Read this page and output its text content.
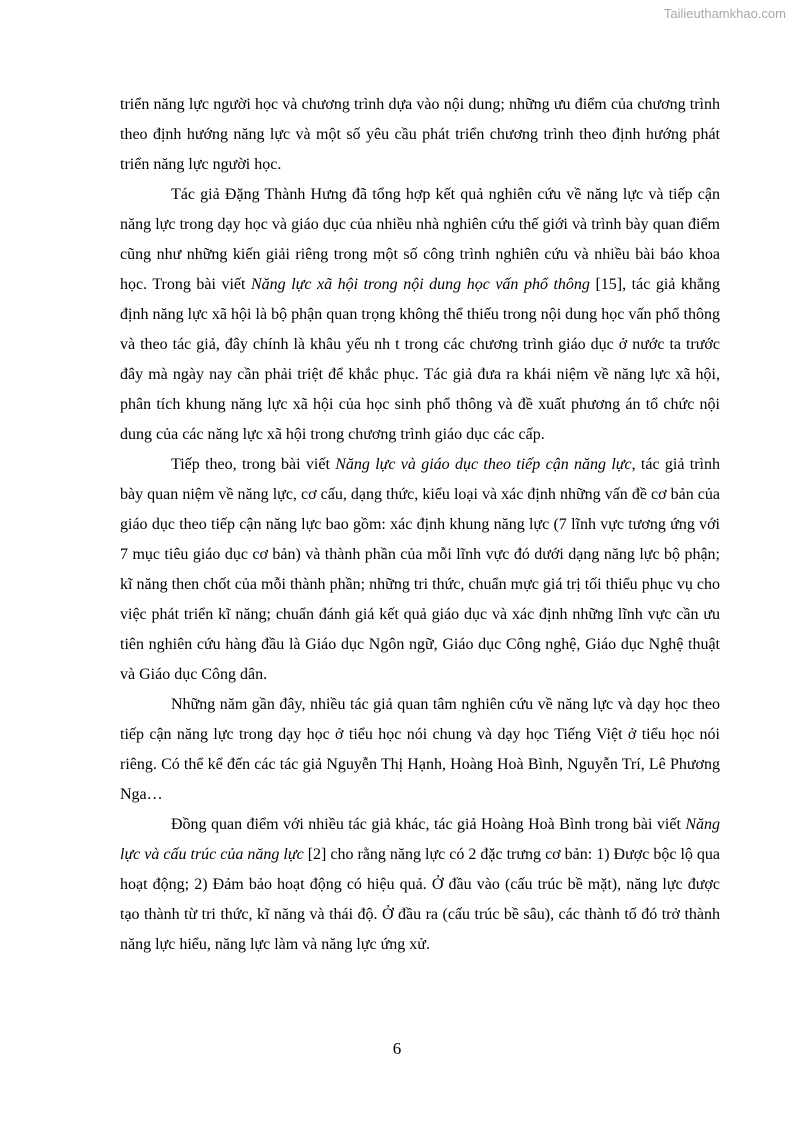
Tailieuthamkhao.com

triển năng lực người học và chương trình dựa vào nội dung; những ưu điểm của chương trình theo định hướng năng lực và một số yêu cầu phát triển chương trình theo định hướng phát triển năng lực người học.

Tác giả Đặng Thành Hưng đã tổng hợp kết quả nghiên cứu về năng lực và tiếp cận năng lực trong dạy học và giáo dục của nhiều nhà nghiên cứu thế giới và trình bày quan điểm cũng như những kiến giải riêng trong một số công trình nghiên cứu và nhiều bài báo khoa học. Trong bài viết Năng lực xã hội trong nội dung học vấn phổ thông [15], tác giả khẳng định năng lực xã hội là bộ phận quan trọng không thể thiếu trong nội dung học vấn phổ thông và theo tác giả, đây chính là khâu yếu nh t trong các chương trình giáo dục ở nước ta trước đây mà ngày nay cần phải triệt để khắc phục. Tác giả đưa ra khái niệm về năng lực xã hội, phân tích khung năng lực xã hội của học sinh phổ thông và đề xuất phương án tổ chức nội dung của các năng lực xã hội trong chương trình giáo dục các cấp.

Tiếp theo, trong bài viết Năng lực và giáo dục theo tiếp cận năng lực, tác giả trình bày quan niệm về năng lực, cơ cấu, dạng thức, kiểu loại và xác định những vấn đề cơ bản của giáo dục theo tiếp cận năng lực bao gồm: xác định khung năng lực (7 lĩnh vực tương ứng với 7 mục tiêu giáo dục cơ bản) và thành phần của mỗi lĩnh vực đó dưới dạng năng lực bộ phận; kĩ năng then chốt của mỗi thành phần; những tri thức, chuẩn mực giá trị tối thiểu phục vụ cho việc phát triển kĩ năng; chuẩn đánh giá kết quả giáo dục và xác định những lĩnh vực cần ưu tiên nghiên cứu hàng đầu là Giáo dục Ngôn ngữ, Giáo dục Công nghệ, Giáo dục Nghệ thuật và Giáo dục Công dân.

Những năm gần đây, nhiều tác giả quan tâm nghiên cứu về năng lực và dạy học theo tiếp cận năng lực trong dạy học ở tiểu học nói chung và dạy học Tiếng Việt ở tiểu học nói riêng. Có thể kể đến các tác giả Nguyễn Thị Hạnh, Hoàng Hoà Bình, Nguyễn Trí, Lê Phương Nga…

Đồng quan điểm với nhiều tác giả khác, tác giả Hoàng Hoà Bình trong bài viết Năng lực và cấu trúc của năng lực [2] cho rằng năng lực có 2 đặc trưng cơ bản: 1) Được bộc lộ qua hoạt động; 2) Đảm bảo hoạt động có hiệu quả. Ở đầu vào (cấu trúc bề mặt), năng lực được tạo thành từ tri thức, kĩ năng và thái độ. Ở đầu ra (cấu trúc bề sâu), các thành tố đó trở thành năng lực hiểu, năng lực làm và năng lực ứng xử.

6
